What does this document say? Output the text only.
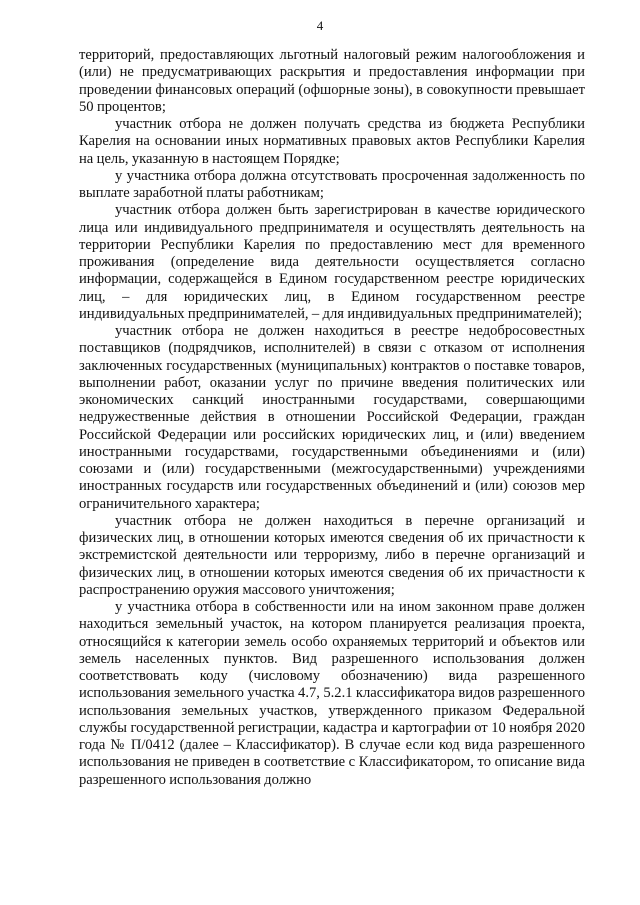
4

территорий, предоставляющих льготный налоговый режим налогообложения и (или) не предусматривающих раскрытия и предоставления информации при проведении финансовых операций (офшорные зоны), в совокупности превышает 50 процентов;

участник отбора не должен получать средства из бюджета Республики Карелия на основании иных нормативных правовых актов Республики Карелия на цель, указанную в настоящем Порядке;

у участника отбора должна отсутствовать просроченная задолженность по выплате заработной платы работникам;

участник отбора должен быть зарегистрирован в качестве юридического лица или индивидуального предпринимателя и осуществлять деятельность на территории Республики Карелия по предоставлению мест для временного проживания (определение вида деятельности осуществляется согласно информации, содержащейся в Едином государственном реестре юридических лиц, – для юридических лиц, в Едином государственном реестре индивидуальных предпринимателей, – для индивидуальных предпринимателей);

участник отбора не должен находиться в реестре недобросовестных поставщиков (подрядчиков, исполнителей) в связи с отказом от исполнения заключенных государственных (муниципальных) контрактов о поставке товаров, выполнении работ, оказании услуг по причине введения политических или экономических санкций иностранными государствами, совершающими недружественные действия в отношении Российской Федерации, граждан Российской Федерации или российских юридических лиц, и (или) введением иностранными государствами, государственными объединениями и (или) союзами и (или) государственными (межгосударственными) учреждениями иностранных государств или государственных объединений и (или) союзов мер ограничительного характера;

участник отбора не должен находиться в перечне организаций и физических лиц, в отношении которых имеются сведения об их причастности к экстремистской деятельности или терроризму, либо в перечне организаций и физических лиц, в отношении которых имеются сведения об их причастности к распространению оружия массового уничтожения;

у участника отбора в собственности или на ином законном праве должен находиться земельный участок, на котором планируется реализация проекта, относящийся к категории земель особо охраняемых территорий и объектов или земель населенных пунктов. Вид разрешенного использования должен соответствовать коду (числовому обозначению) вида разрешенного использования земельного участка 4.7, 5.2.1 классификатора видов разрешенного использования земельных участков, утвержденного приказом Федеральной службы государственной регистрации, кадастра и картографии от 10 ноября 2020 года № П/0412 (далее – Классификатор). В случае если код вида разрешенного использования не приведен в соответствие с Классификатором, то описание вида разрешенного использования должно
